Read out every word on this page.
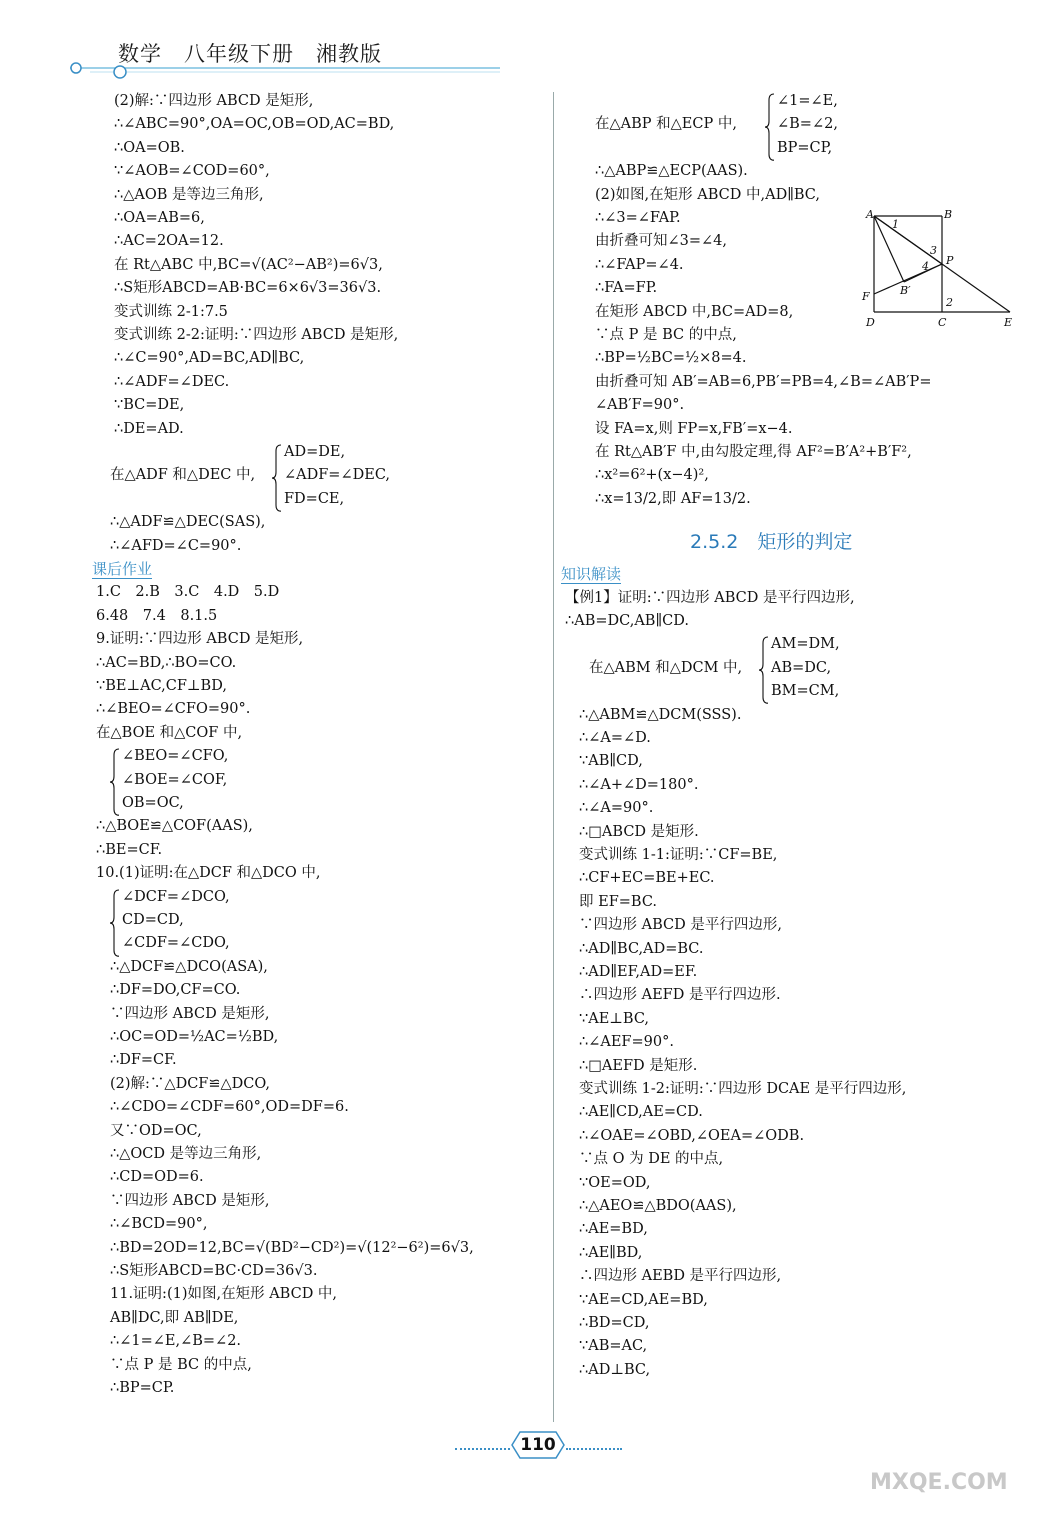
数学　八年级下册　湘教版
(2)解:∵四边形 ABCD 是矩形,
∴∠ABC=90°,OA=OC,OB=OD,AC=BD,
∴OA=OB.
∵∠AOB=∠COD=60°,
∴△AOB 是等边三角形,
∴OA=AB=6,
∴AC=2OA=12.
在 Rt△ABC 中,BC=√(AC²−AB²)=6√3,
∴S矩形ABCD=AB·BC=6×6√3=36√3.
变式训练 2-1:7.5
变式训练 2-2:证明:∵四边形 ABCD 是矩形,
∴∠C=90°,AD=BC,AD∥BC,
∴∠ADF=∠DEC.
∵BC=DE,
∴DE=AD.
在△ADF 和△DEC 中,
AD=DE,
∠ADF=∠DEC,
FD=CE,
∴△ADF≌△DEC(SAS),
∴∠AFD=∠C=90°.
课后作业
1.C　2.B　3.C　4.D　5.D
6.48　7.4　8.1.5
9.证明:∵四边形 ABCD 是矩形,
∴AC=BD,∴BO=CO.
∵BE⊥AC,CF⊥BD,
∴∠BEO=∠CFO=90°.
在△BOE 和△COF 中,
∠BEO=∠CFO,
∠BOE=∠COF,
OB=OC,
∴△BOE≌△COF(AAS),
∴BE=CF.
10.(1)证明:在△DCF 和△DCO 中,
∠DCF=∠DCO,
CD=CD,
∠CDF=∠CDO,
∴△DCF≌△DCO(ASA),
∴DF=DO,CF=CO.
∵四边形 ABCD 是矩形,
∴OC=OD=½AC=½BD,
∴DF=CF.
(2)解:∵△DCF≌△DCO,
∴∠CDO=∠CDF=60°,OD=DF=6.
又∵OD=OC,
∴△OCD 是等边三角形,
∴CD=OD=6.
∵四边形 ABCD 是矩形,
∴∠BCD=90°,
∴BD=2OD=12,BC=√(BD²−CD²)=√(12²−6²)=6√3,
∴S矩形ABCD=BC·CD=36√3.
11.证明:(1)如图,在矩形 ABCD 中,
AB∥DC,即 AB∥DE,
∴∠1=∠E,∠B=∠2.
∵点 P 是 BC 的中点,
∴BP=CP.
在△ABP 和△ECP 中,
∠1=∠E,
∠B=∠2,
BP=CP,
∴△ABP≌△ECP(AAS).
(2)如图,在矩形 ABCD 中,AD∥BC,
∴∠3=∠FAP.
由折叠可知∠3=∠4,
∴∠FAP=∠4.
∴FA=FP.
在矩形 ABCD 中,BC=AD=8,
∵点 P 是 BC 的中点,
∴BP=½BC=½×8=4.
由折叠可知 AB′=AB=6,PB′=PB=4,∠B=∠AB′P=
∠AB′F=90°.
设 FA=x,则 FP=x,FB′=x−4.
在 Rt△AB′F 中,由勾股定理,得 AF²=B′A²+B′F²,
∴x²=6²+(x−4)²,
∴x=13/2,即 AF=13/2.
2.5.2　矩形的判定
知识解读
【例1】证明:∵四边形 ABCD 是平行四边形,
∴AB=DC,AB∥CD.
在△ABM 和△DCM 中,
AM=DM,
AB=DC,
BM=CM,
∴△ABM≌△DCM(SSS).
∴∠A=∠D.
∵AB∥CD,
∴∠A+∠D=180°.
∴∠A=90°.
∴□ABCD 是矩形.
变式训练 1-1:证明:∵CF=BE,
∴CF+EC=BE+EC.
即 EF=BC.
∵四边形 ABCD 是平行四边形,
∴AD∥BC,AD=BC.
∴AD∥EF,AD=EF.
∴四边形 AEFD 是平行四边形.
∵AE⊥BC,
∴∠AEF=90°.
∴□AEFD 是矩形.
变式训练 1-2:证明:∵四边形 DCAE 是平行四边形,
∴AE∥CD,AE=CD.
∴∠OAE=∠OBD,∠OEA=∠ODB.
∵点 O 为 DE 的中点,
∵OE=OD,
∴△AEO≌△BDO(AAS),
∴AE=BD,
∴AE∥BD,
∴四边形 AEBD 是平行四边形,
∵AE=CD,AE=BD,
∴BD=CD,
∵AB=AC,
∴AD⊥BC,
A	B
1
3
4 P
B′
F	2
D	C	E
110
MXQE.COM
